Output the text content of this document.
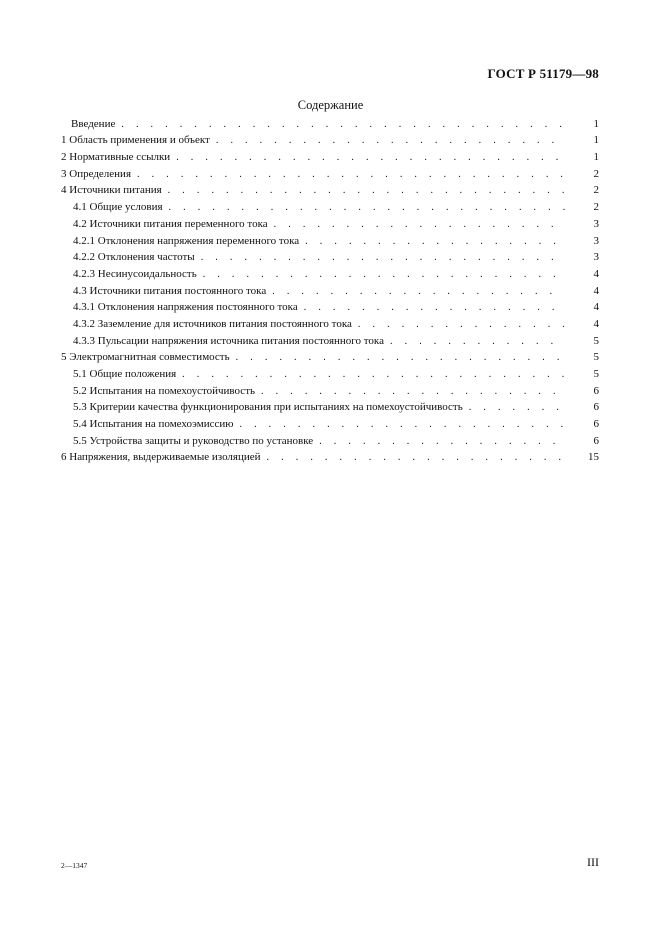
ГОСТ Р 51179—98
Содержание
Введение . . .	1
1 Область применения и объект . . .	1
2 Нормативные ссылки . . .	1
3 Определения . . .	2
4 Источники питания . . .	2
4.1 Общие условия . . .	2
4.2 Источники питания переменного тока . . .	3
4.2.1 Отклонения напряжения переменного тока . . .	3
4.2.2 Отклонения частоты . . .	3
4.2.3 Несинусоидальность . . .	4
4.3 Источники питания постоянного тока . . .	4
4.3.1 Отклонения напряжения постоянного тока . . .	4
4.3.2 Заземление для источников питания постоянного тока . . .	4
4.3.3 Пульсации напряжения источника питания постоянного тока . . .	5
5 Электромагнитная совместимость . . .	5
5.1 Общие положения . . .	5
5.2 Испытания на помехоустойчивость . . .	6
5.3 Критерии качества функционирования при испытаниях на помехоустойчивость . . .	6
5.4 Испытания на помехоэмиссию . . .	6
5.5 Устройства защиты и руководство по установке . . .	6
6 Напряжения, выдерживаемые изоляцией . . .	15
2—1347	III
